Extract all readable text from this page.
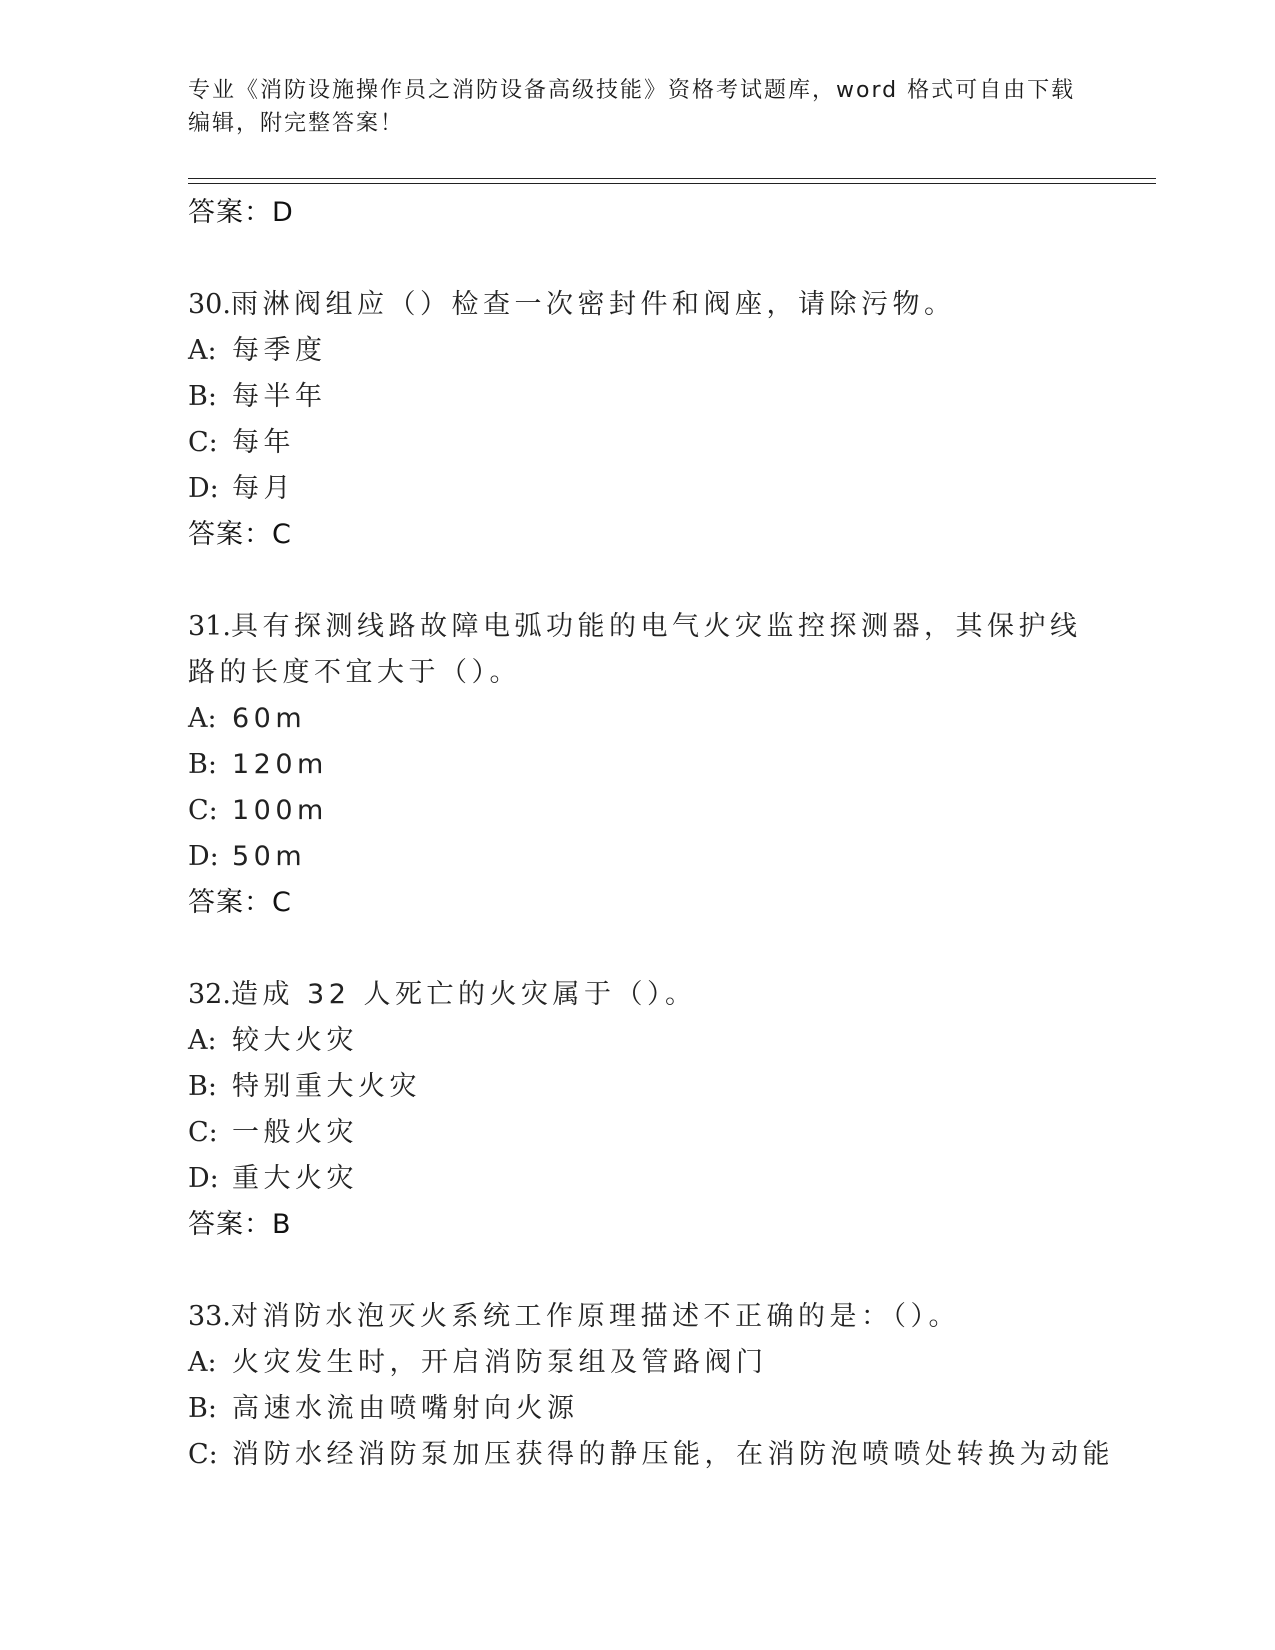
专业《消防设施操作员之消防设备高级技能》资格考试题库，word 格式可自由下载编辑，附完整答案！
答案：D
30.雨淋阀组应（）检查一次密封件和阀座，请除污物。
A: 每季度
B: 每半年
C: 每年
D: 每月
答案：C
31.具有探测线路故障电弧功能的电气火灾监控探测器，其保护线路的长度不宜大于（）。
A: 60m
B: 120m
C: 100m
D: 50m
答案：C
32.造成 32 人死亡的火灾属于（）。
A: 较大火灾
B: 特别重大火灾
C: 一般火灾
D: 重大火灾
答案：B
33.对消防水泡灭火系统工作原理描述不正确的是：（）。
A: 火灾发生时，开启消防泵组及管路阀门
B: 高速水流由喷嘴射向火源
C: 消防水经消防泵加压获得的静压能，在消防泡喷喷处转换为动能
